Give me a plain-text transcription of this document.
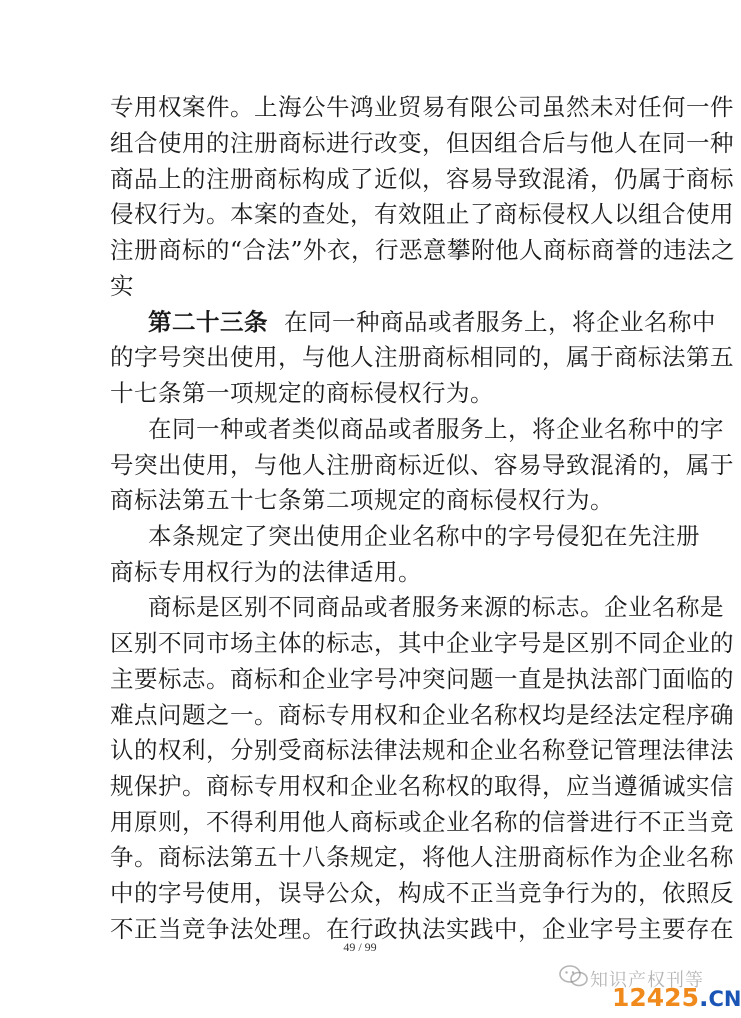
专用权案件。上海公牛鸿业贸易有限公司虽然未对任何一件
组合使用的注册商标进行改变，但因组合后与他人在同一种
商品上的注册商标构成了近似，容易导致混淆，仍属于商标
侵权行为。本案的查处，有效阻止了商标侵权人以组合使用
注册商标的“合法”外衣，行恶意攀附他人商标商誉的违法之
实
第二十三条 在同一种商品或者服务上，将企业名称中
的字号突出使用，与他人注册商标相同的，属于商标法第五
十七条第一项规定的商标侵权行为。
在同一种或者类似商品或者服务上，将企业名称中的字
号突出使用，与他人注册商标近似、容易导致混淆的，属于
商标法第五十七条第二项规定的商标侵权行为。
本条规定了突出使用企业名称中的字号侵犯在先注册
商标专用权行为的法律适用。
商标是区别不同商品或者服务来源的标志。企业名称是
区别不同市场主体的标志，其中企业字号是区别不同企业的
主要标志。商标和企业字号冲突问题一直是执法部门面临的
难点问题之一。商标专用权和企业名称权均是经法定程序确
认的权利，分别受商标法律法规和企业名称登记管理法律法
规保护。商标专用权和企业名称权的取得，应当遵循诚实信
用原则，不得利用他人商标或企业名称的信誉进行不正当竞
争。商标法第五十八条规定，将他人注册商标作为企业名称
中的字号使用，误导公众，构成不正当竞争行为的，依照反
不正当竞争法处理。在行政执法实践中，企业字号主要存在
49 / 99
知识产权刊等
12425.CN
